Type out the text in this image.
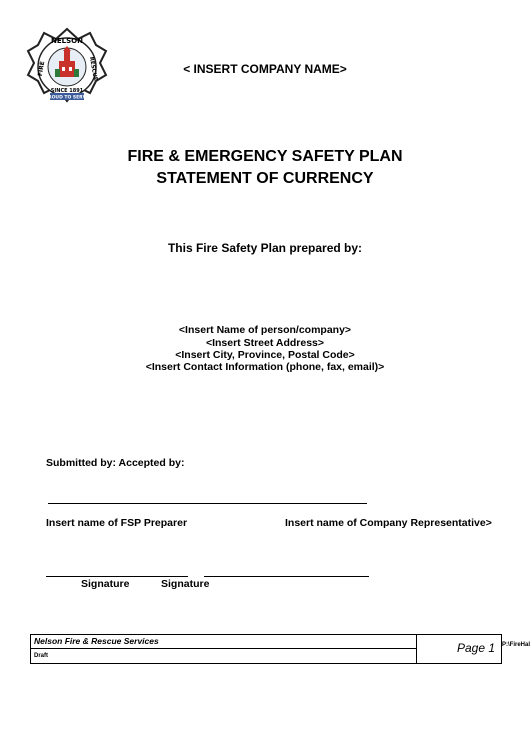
PROUD TO SERVE
NELSON
SINCE 1891
FIRE	RESCUE	< INSERT COMPANY NAME>
FIRE & EMERGENCY SAFETY PLAN
STATEMENT OF CURRENCY
This Fire Safety Plan prepared by:
<Insert Name of person/company>
<Insert Street Address>
<Insert City, Province, Postal Code>
<Insert Contact Information (phone, fax, email)>
Submitted by: Accepted by:
Insert name of FSP Preparer	Insert name of Company Representative>
Signature	Signature
Nelson Fire & Rescue Services
Draft
Page 1 P:\FireHal
